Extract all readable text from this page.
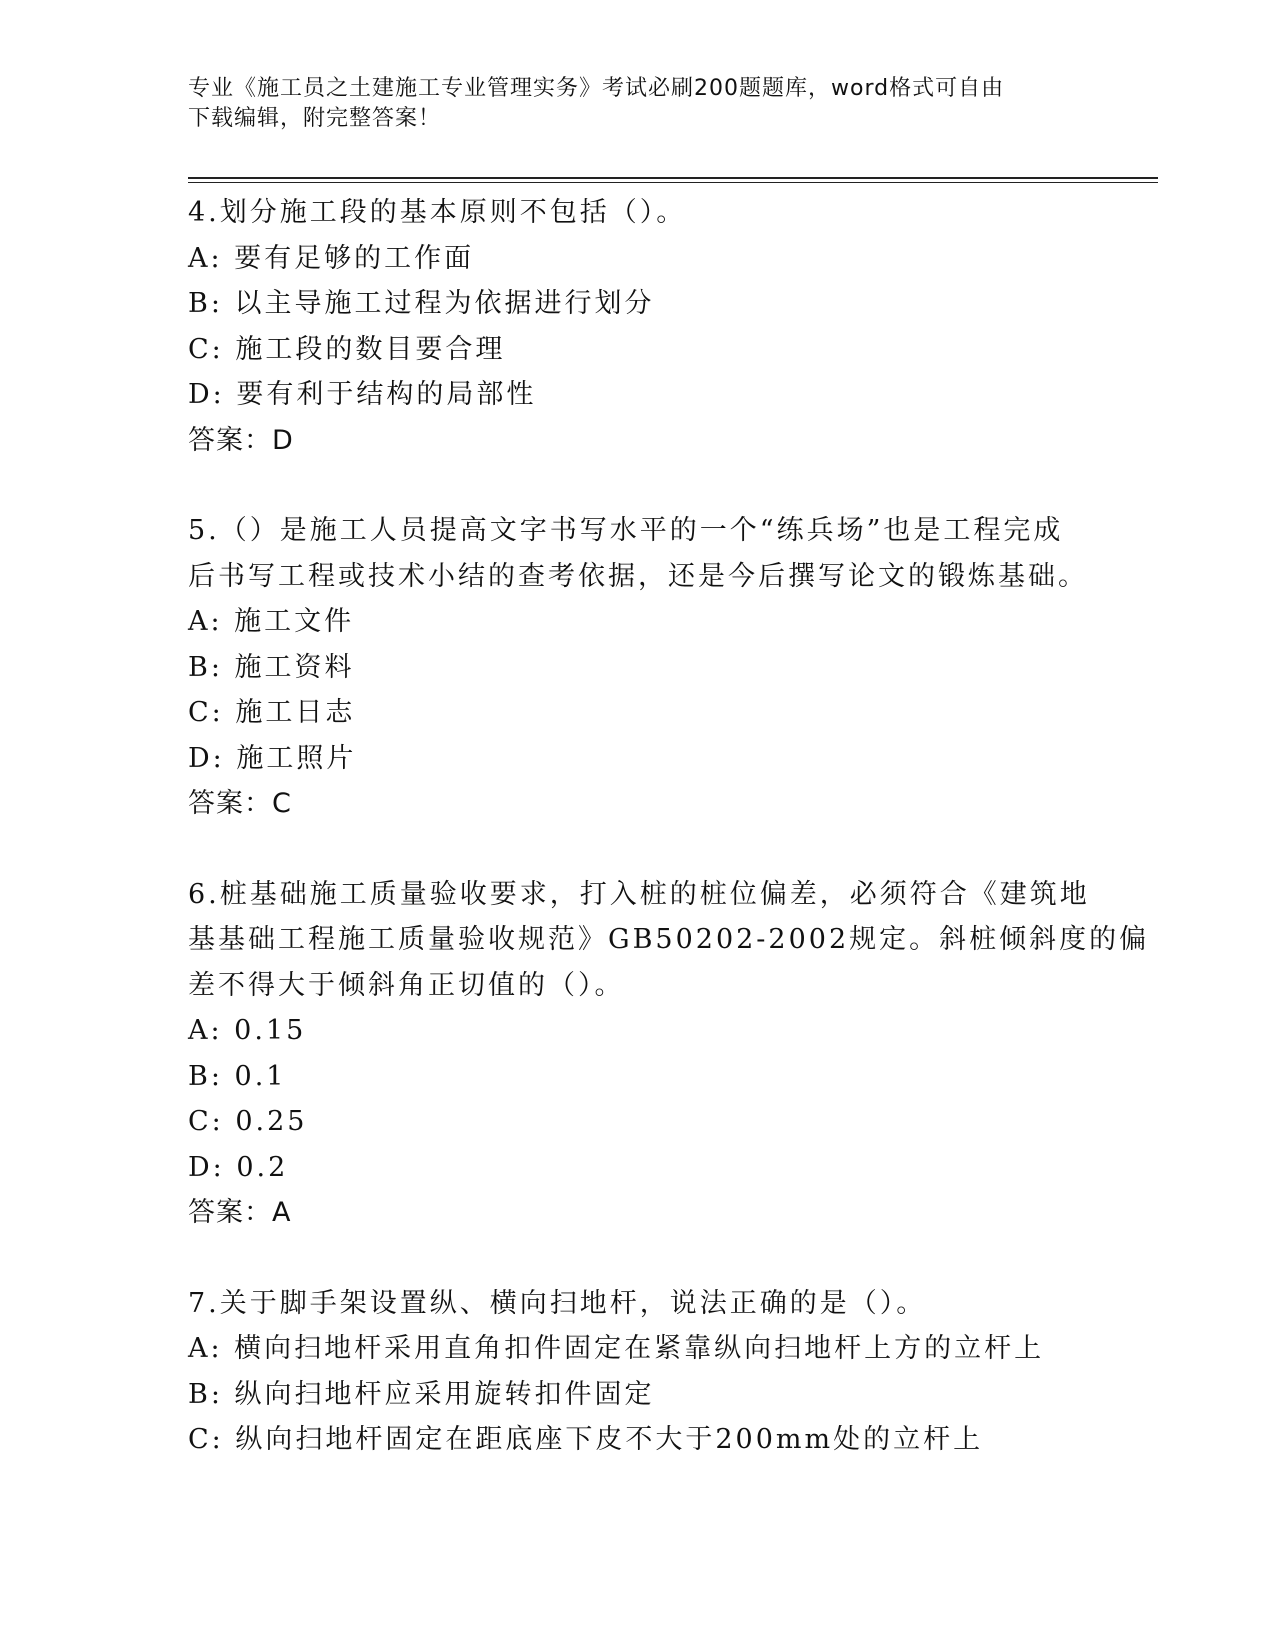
专业《施工员之土建施工专业管理实务》考试必刷200题题库，word格式可自由
下载编辑，附完整答案！
4.划分施工段的基本原则不包括（）。
A: 要有足够的工作面
B: 以主导施工过程为依据进行划分
C: 施工段的数目要合理
D: 要有利于结构的局部性
答案：D
5.（）是施工人员提高文字书写水平的一个“练兵场”也是工程完成
后书写工程或技术小结的查考依据，还是今后撰写论文的锻炼基础。
A: 施工文件
B: 施工资料
C: 施工日志
D: 施工照片
答案：C
6.桩基础施工质量验收要求，打入桩的桩位偏差，必须符合《建筑地
基基础工程施工质量验收规范》GB50202-2002规定。斜桩倾斜度的偏
差不得大于倾斜角正切值的（）。
A: 0.15
B: 0.1
C: 0.25
D: 0.2
答案：A
7.关于脚手架设置纵、横向扫地杆，说法正确的是（）。
A: 横向扫地杆采用直角扣件固定在紧靠纵向扫地杆上方的立杆上
B: 纵向扫地杆应采用旋转扣件固定
C: 纵向扫地杆固定在距底座下皮不大于200mm处的立杆上
